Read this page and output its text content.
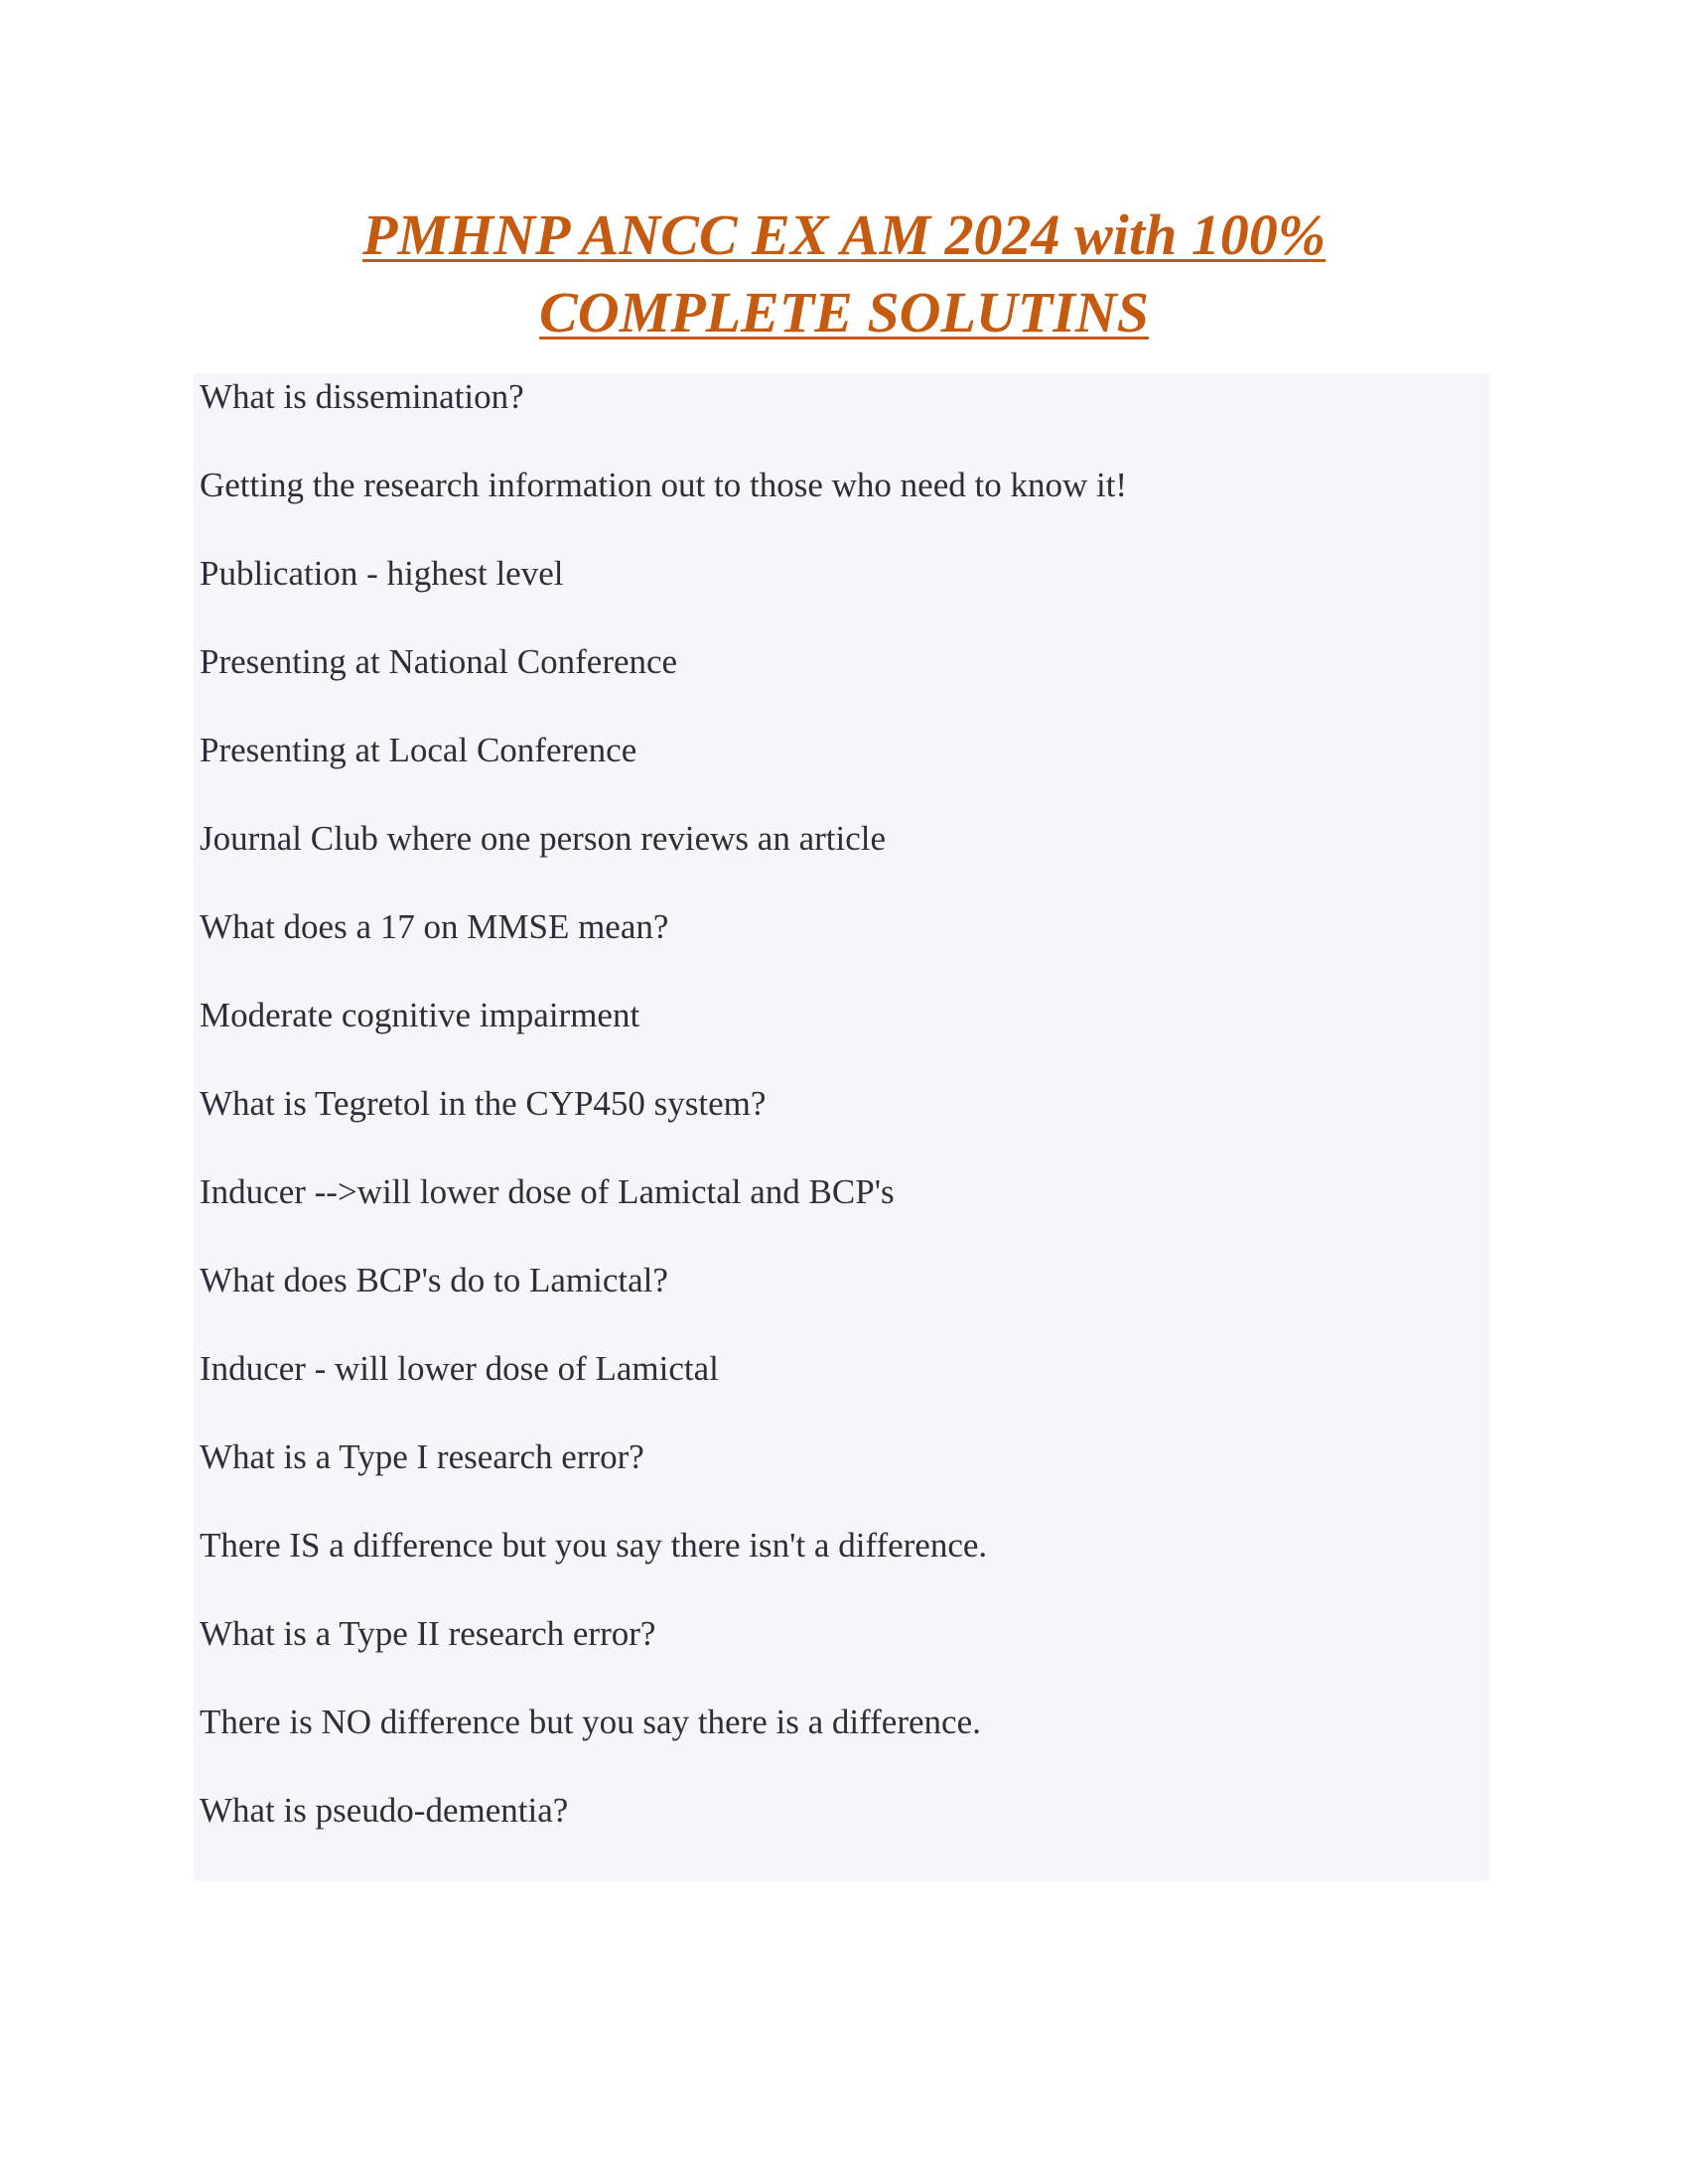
PMHNP ANCC EX AM 2024 with 100%
COMPLETE SOLUTINS

What is dissemination?

Getting the research information out to those who need to know it!

Publication - highest level

Presenting at National Conference

Presenting at Local Conference

Journal Club where one person reviews an article

What does a 17 on MMSE mean?

Moderate cognitive impairment

What is Tegretol in the CYP450 system?

Inducer -->will lower dose of Lamictal and BCP's

What does BCP's do to Lamictal?

Inducer - will lower dose of Lamictal

What is a Type I research error?

There IS a difference but you say there isn't a difference.

What is a Type II research error?

There is NO difference but you say there is a difference.

What is pseudo-dementia?
